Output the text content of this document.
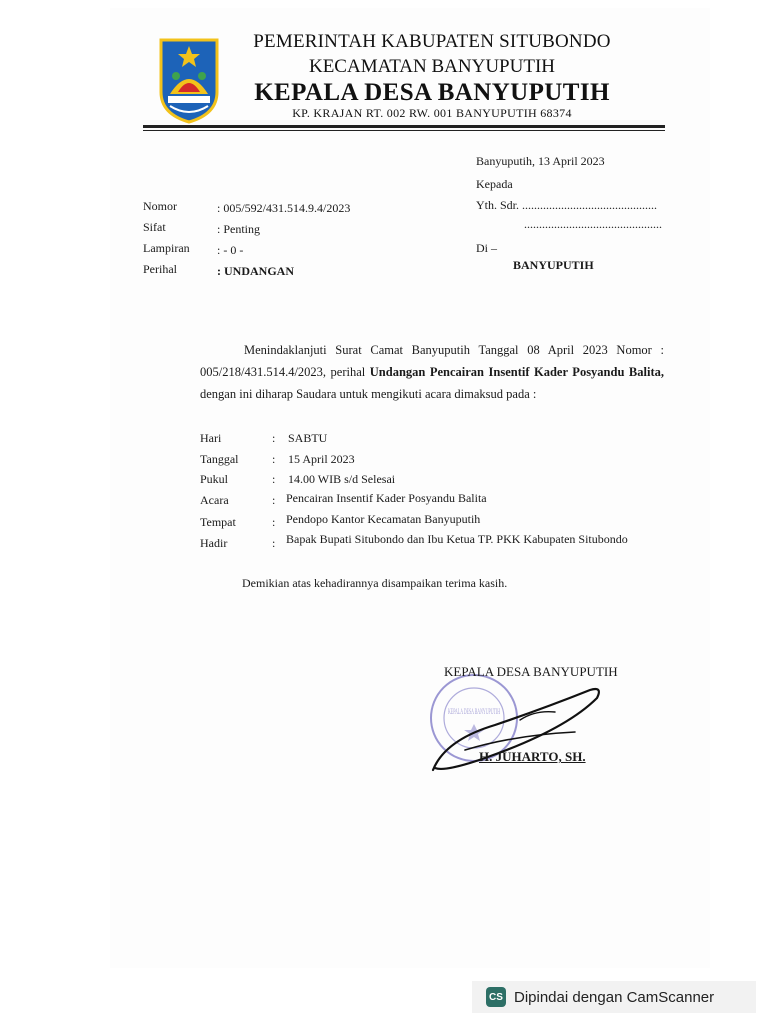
PEMERINTAH KABUPATEN SITUBONDO
KECAMATAN BANYUPUTIH
KEPALA DESA BANYUPUTIH
KP. KRAJAN RT. 002 RW. 001 BANYUPUTIH 68374
Banyuputih, 13 April 2023
Kepada
Yth. Sdr. .............................................
..............................................
Di –
BANYUPUTIH
Nomor	: 005/592/431.514.9.4/2023
Sifat	: Penting
Lampiran : - 0 -
Perihal	: UNDANGAN

Menindaklanjuti Surat Camat Banyuputih Tanggal 08 April 2023 Nomor :

005/218/431.514.4/2023, perihal Undangan Pencairan Insentif Kader Posyandu Balita,

dengan ini diharap Saudara untuk mengikuti acara dimaksud pada :

Hari	: SABTU
Tanggal	: 15 April 2023
Pukul	: 14.00 WIB s/d Selesai
Acara	: Pencairan Insentif Kader Posyandu Balita
Tempat	: Pendopo Kantor Kecamatan Banyuputih
Hadir	: Bapak Bupati Situbondo dan Ibu Ketua TP. PKK Kabupaten Situbondo
Demikian atas kehadirannya disampaikan terima kasih.
KEPALA DESA BANYUPUTIH
KEPALA DESA BANYUPUTIH
H. JUHARTO, SH.
CS Dipindai dengan CamScanner
